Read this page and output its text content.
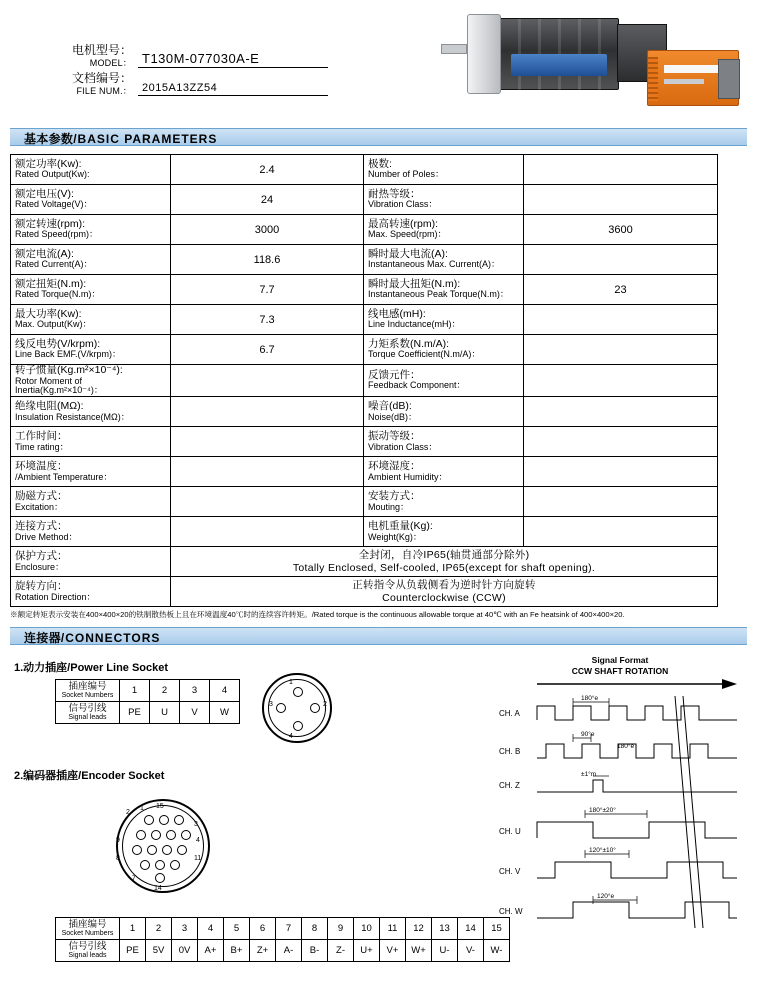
电机型号：
MODEL： T130M-077030A-E
文档编号：
FILE NUM.： 2015A13ZZ54
基本参数/BASIC PARAMETERS
额定功率(Kw):
Rated Output(Kw):	2.4	极数:
Number of Poles：	

额定电压(V):
Rated Voltage(V)：	24	耐热等级：
Vibration Class：	

额定转速(rpm):
Rated Speed(rpm)：	3000	最高转速(rpm):
Max. Speed(rpm)：	3600

额定电流(A):
Rated Current(A)：	118.6	瞬时最大电流(A):
Instantaneous Max. Current(A)：	

额定扭矩(N.m):
Rated Torque(N.m)：	7.7	瞬时最大扭矩(N.m):
Instantaneous Peak Torque(N.m)：	23

最大功率(Kw):
Max. Output(Kw)：	7.3	线电感(mH):
Line Inductance(mH)：	

线反电势(V/krpm):
Line Back EMF.(V/krpm)：	6.7	力矩系数(N.m/A):
Torque Coefficient(N.m/A)：	

转子惯量(Kg.m²×10⁻⁴):
Rotor Moment of Inertia(Kg.m²×10⁻⁴)：		反馈元件：
Feedback Component：	

绝缘电阻(MΩ):
Insulation Resistance(MΩ)：		噪音(dB):
Noise(dB)：	

工作时间：
Time rating：		振动等级：
Vibration Class：	

环境温度：
/Ambient Temperature：		环境湿度：
Ambient Humidity：	

励磁方式：
Excitation：		安装方式：
Mouting：	

连接方式：
Drive Method：		电机重量(Kg):
Weight(Kg)：	

保护方式：
Enclosure：	全封闭，自冷IP65(轴贯通部分除外)
Totally Enclosed, Self-cooled, IP65(except for shaft opening).		

旋转方向：
Rotation Direction：	正转指令从负载侧看为逆时针方向旋转
Counterclockwise (CCW)		
※额定转矩表示安装在400×400×20的铁制散热板上且在环境温度40℃时的连续容许转矩。/Rated torque is the continuous allowable torque at 40℃ with an Fe heatsink of 400×400×20.
连接器/CONNECTORS
1.动力插座/Power Line Socket
插座编号
Socket Numbers	1	2	3	4

信号引线
Signal leads	PE	U	V	W
1
3	2
4
2.编码器插座/Encoder Socket
2
1 15
3
4
9
8	11
7
14
插座编号
Socket Numbers	1	2	3	4	5	6	7	8	9	10	11	12	13	14	15

信号引线
Signal leads	PE	5V	0V	A+	B+	Z+	A-	B-	Z-	U+	V+	W+	U-	V-	W-
Signal Format
CCW SHAFT ROTATION
CH. A
CH. B
CH. Z
CH. U
CH. V
CH. W
180°e
90°e
180°e
±1°m
180°±20°
120°±10°
120°e
